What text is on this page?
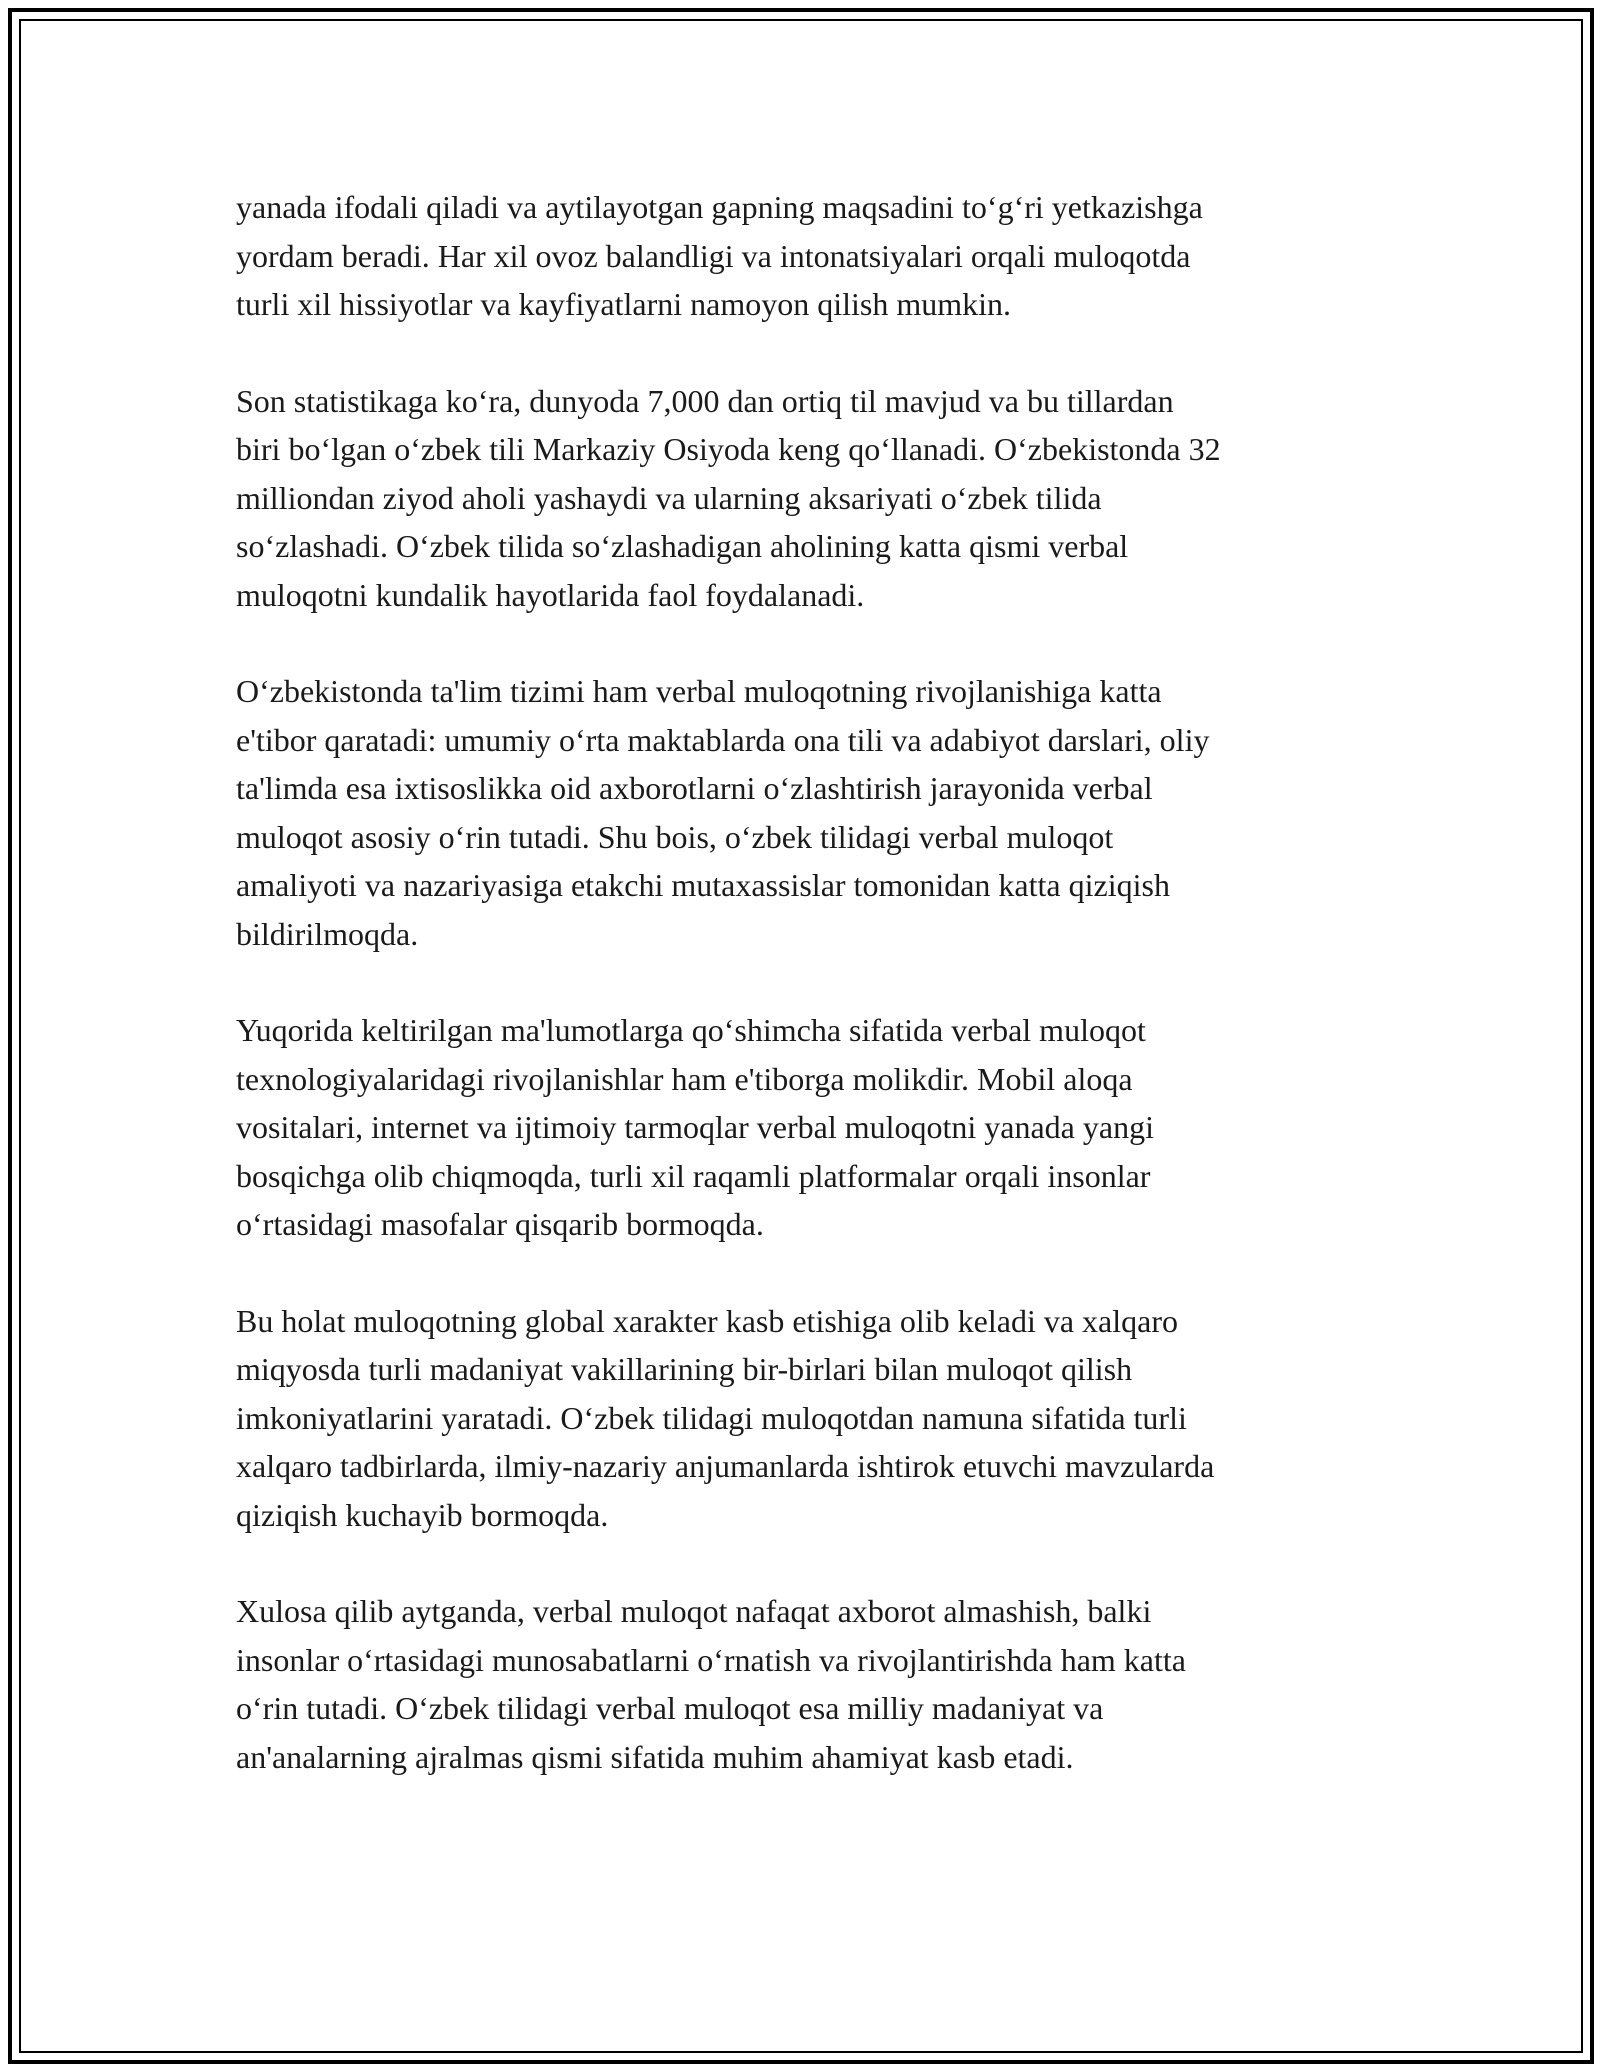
yanada ifodali qiladi va aytilayotgan gapning maqsadini to‘g‘ri yetkazishga
yordam beradi. Har xil ovoz balandligi va intonatsiyalari orqali muloqotda
turli xil hissiyotlar va kayfiyatlarni namoyon qilish mumkin.

Son statistikaga ko‘ra, dunyoda 7,000 dan ortiq til mavjud va bu tillardan
biri bo‘lgan o‘zbek tili Markaziy Osiyoda keng qo‘llanadi. O‘zbekistonda 32
milliondan ziyod aholi yashaydi va ularning aksariyati o‘zbek tilida
so‘zlashadi. O‘zbek tilida so‘zlashadigan aholining katta qismi verbal
muloqotni kundalik hayotlarida faol foydalanadi.

O‘zbekistonda ta'lim tizimi ham verbal muloqotning rivojlanishiga katta
e'tibor qaratadi: umumiy o‘rta maktablarda ona tili va adabiyot darslari, oliy
ta'limda esa ixtisoslikka oid axborotlarni o‘zlashtirish jarayonida verbal
muloqot asosiy o‘rin tutadi. Shu bois, o‘zbek tilidagi verbal muloqot
amaliyoti va nazariyasiga etakchi mutaxassislar tomonidan katta qiziqish
bildirilmoqda.

Yuqorida keltirilgan ma'lumotlarga qo‘shimcha sifatida verbal muloqot
texnologiyalaridagi rivojlanishlar ham e'tiborga molikdir. Mobil aloqa
vositalari, internet va ijtimoiy tarmoqlar verbal muloqotni yanada yangi
bosqichga olib chiqmoqda, turli xil raqamli platformalar orqali insonlar
o‘rtasidagi masofalar qisqarib bormoqda.

Bu holat muloqotning global xarakter kasb etishiga olib keladi va xalqaro
miqyosda turli madaniyat vakillarining bir-birlari bilan muloqot qilish
imkoniyatlarini yaratadi. O‘zbek tilidagi muloqotdan namuna sifatida turli
xalqaro tadbirlarda, ilmiy-nazariy anjumanlarda ishtirok etuvchi mavzularda
qiziqish kuchayib bormoqda.

Xulosa qilib aytganda, verbal muloqot nafaqat axborot almashish, balki
insonlar o‘rtasidagi munosabatlarni o‘rnatish va rivojlantirishda ham katta
o‘rin tutadi. O‘zbek tilidagi verbal muloqot esa milliy madaniyat va
an'analarning ajralmas qismi sifatida muhim ahamiyat kasb etadi.
